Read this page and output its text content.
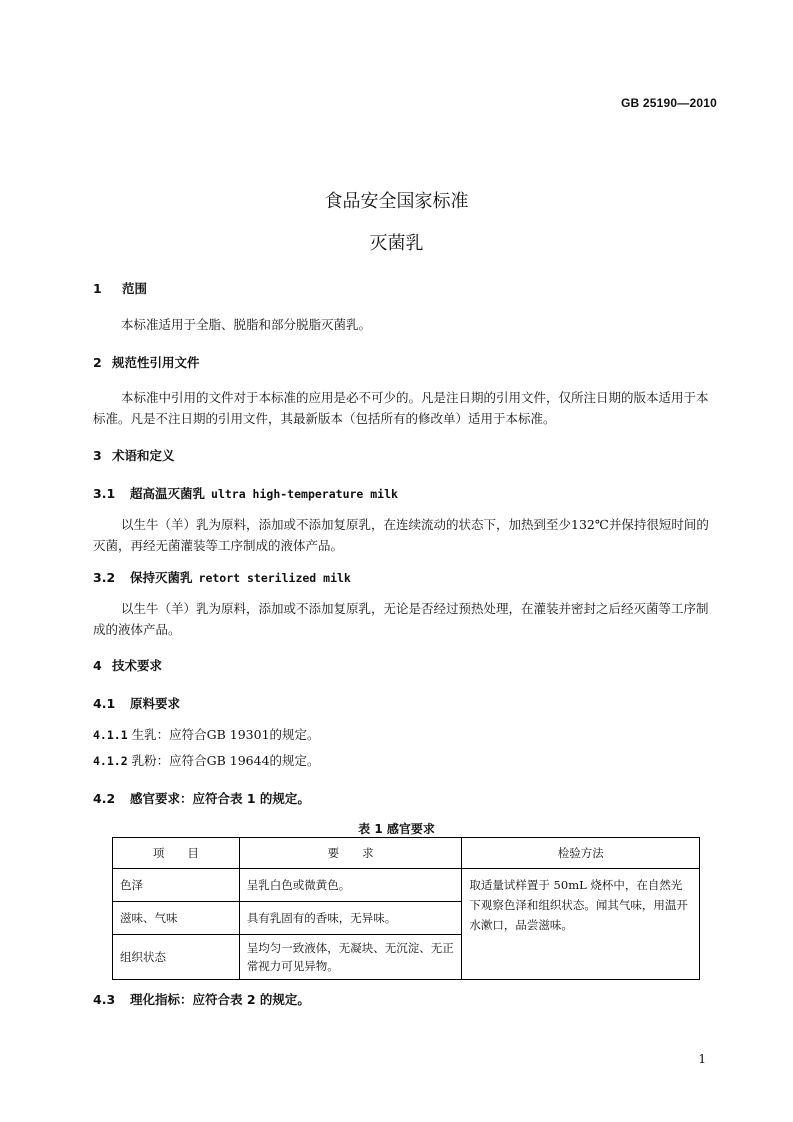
GB 25190—2010
食品安全国家标准
灭菌乳
1 范围
本标准适用于全脂、脱脂和部分脱脂灭菌乳。
2 规范性引用文件
本标准中引用的文件对于本标准的应用是必不可少的。凡是注日期的引用文件，仅所注日期的版本适用于本标准。凡是不注日期的引用文件，其最新版本（包括所有的修改单）适用于本标准。
3 术语和定义
3.1 超高温灭菌乳 ultra high-temperature milk
以生牛（羊）乳为原料，添加或不添加复原乳，在连续流动的状态下，加热到至少132℃并保持很短时间的灭菌，再经无菌灌装等工序制成的液体产品。
3.2 保持灭菌乳 retort sterilized milk
以生牛（羊）乳为原料，添加或不添加复原乳，无论是否经过预热处理，在灌装并密封之后经灭菌等工序制成的液体产品。
4 技术要求
4.1 原料要求
4.1.1 生乳：应符合GB 19301的规定。
4.1.2 乳粉：应符合GB 19644的规定。
4.2 感官要求：应符合表 1 的规定。
表 1 感官要求
项　　目	要　　求	检验方法
色泽	呈乳白色或微黄色。	取适量试样置于 50mL 烧杯中，在自然光下观察色泽和组织状态。闻其气味，用温开水漱口，品尝滋味。
滋味、气味	具有乳固有的香味，无异味。	
组织状态	呈均匀一致液体，无凝块、无沉淀、无正常视力可见异物。	
4.3 理化指标：应符合表 2 的规定。
1
